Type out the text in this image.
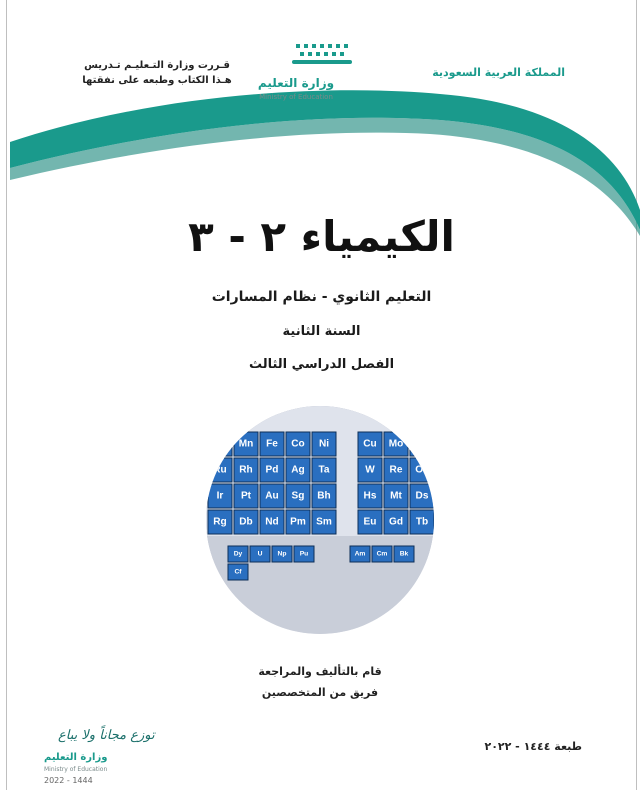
المملكة العربية السعودية
قـررت وزارة التـعليـم تـدريس
هـذا الكتاب وطبعه على نفقتها	وزارة التعليم
Ministry of Education
الكيمياء ٢ - ٣
التعليم الثانوي - نظام المسارات
السنة الثانية
الفصل الدراسي الثالث
Cr Mn Fe Co Ni	Cu Mo Tc
Ru Rh Pd Ag Ta	W Re Os
Ir Pt Au Sg Bh	Hs Mt Ds
Rg Db Nd Pm Sm	Eu Gd Tb
Dy U Np Pu	Am Cm Bk
Cf
قام بالتأليف والمراجعة
فريق من المتخصصين
طبعة ١٤٤٤ - ٢٠٢٢
توزع مجاناً ولا يباع
وزارة التعليم
Ministry of Education
2022 - 1444
